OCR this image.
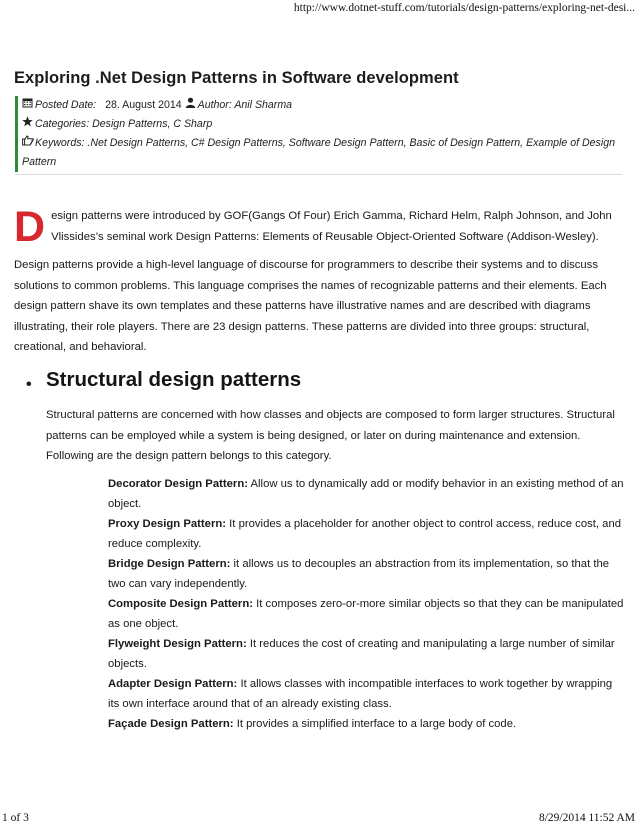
http://www.dotnet-stuff.com/tutorials/design-patterns/exploring-net-desi...
Exploring .Net Design Patterns in Software development
Posted Date: 28. August 2014 Author: Anil Sharma
Categories: Design Patterns, C Sharp
Keywords: .Net Design Patterns, C# Design Patterns, Software Design Pattern, Basic of Design Pattern, Example of Design Pattern
D esign patterns were introduced by GOF(Gangs Of Four) Erich Gamma, Richard Helm, Ralph Johnson, and John Vlissides’s seminal work Design Patterns: Elements of Reusable Object-Oriented Software (Addison-Wesley).

Design patterns provide a high-level language of discourse for programmers to describe their systems and to discuss solutions to common problems. This language comprises the names of recognizable patterns and their elements. Each design pattern shave its own templates and these patterns have illustrative names and are described with diagrams illustrating, their role players. There are 23 design patterns. These patterns are divided into three groups: structural, creational, and behavioral.

• Structural design patterns

Structural patterns are concerned with how classes and objects are composed to form larger structures. Structural patterns can be employed while a system is being designed, or later on during maintenance and extension. Following are the design pattern belongs to this category.

Decorator Design Pattern: Allow us to dynamically add or modify behavior in an existing method of an object.
Proxy Design Pattern: It provides a placeholder for another object to control access, reduce cost, and reduce complexity.
Bridge Design Pattern: it allows us to decouples an abstraction from its implementation, so that the two can vary independently.
Composite Design Pattern: It composes zero-or-more similar objects so that they can be manipulated as one object.
Flyweight Design Pattern: It reduces the cost of creating and manipulating a large number of similar objects.
Adapter Design Pattern: It allows classes with incompatible interfaces to work together by wrapping its own interface around that of an already existing class.
Façade Design Pattern: It provides a simplified interface to a large body of code.
1 of 3	8/29/2014 11:52 AM
